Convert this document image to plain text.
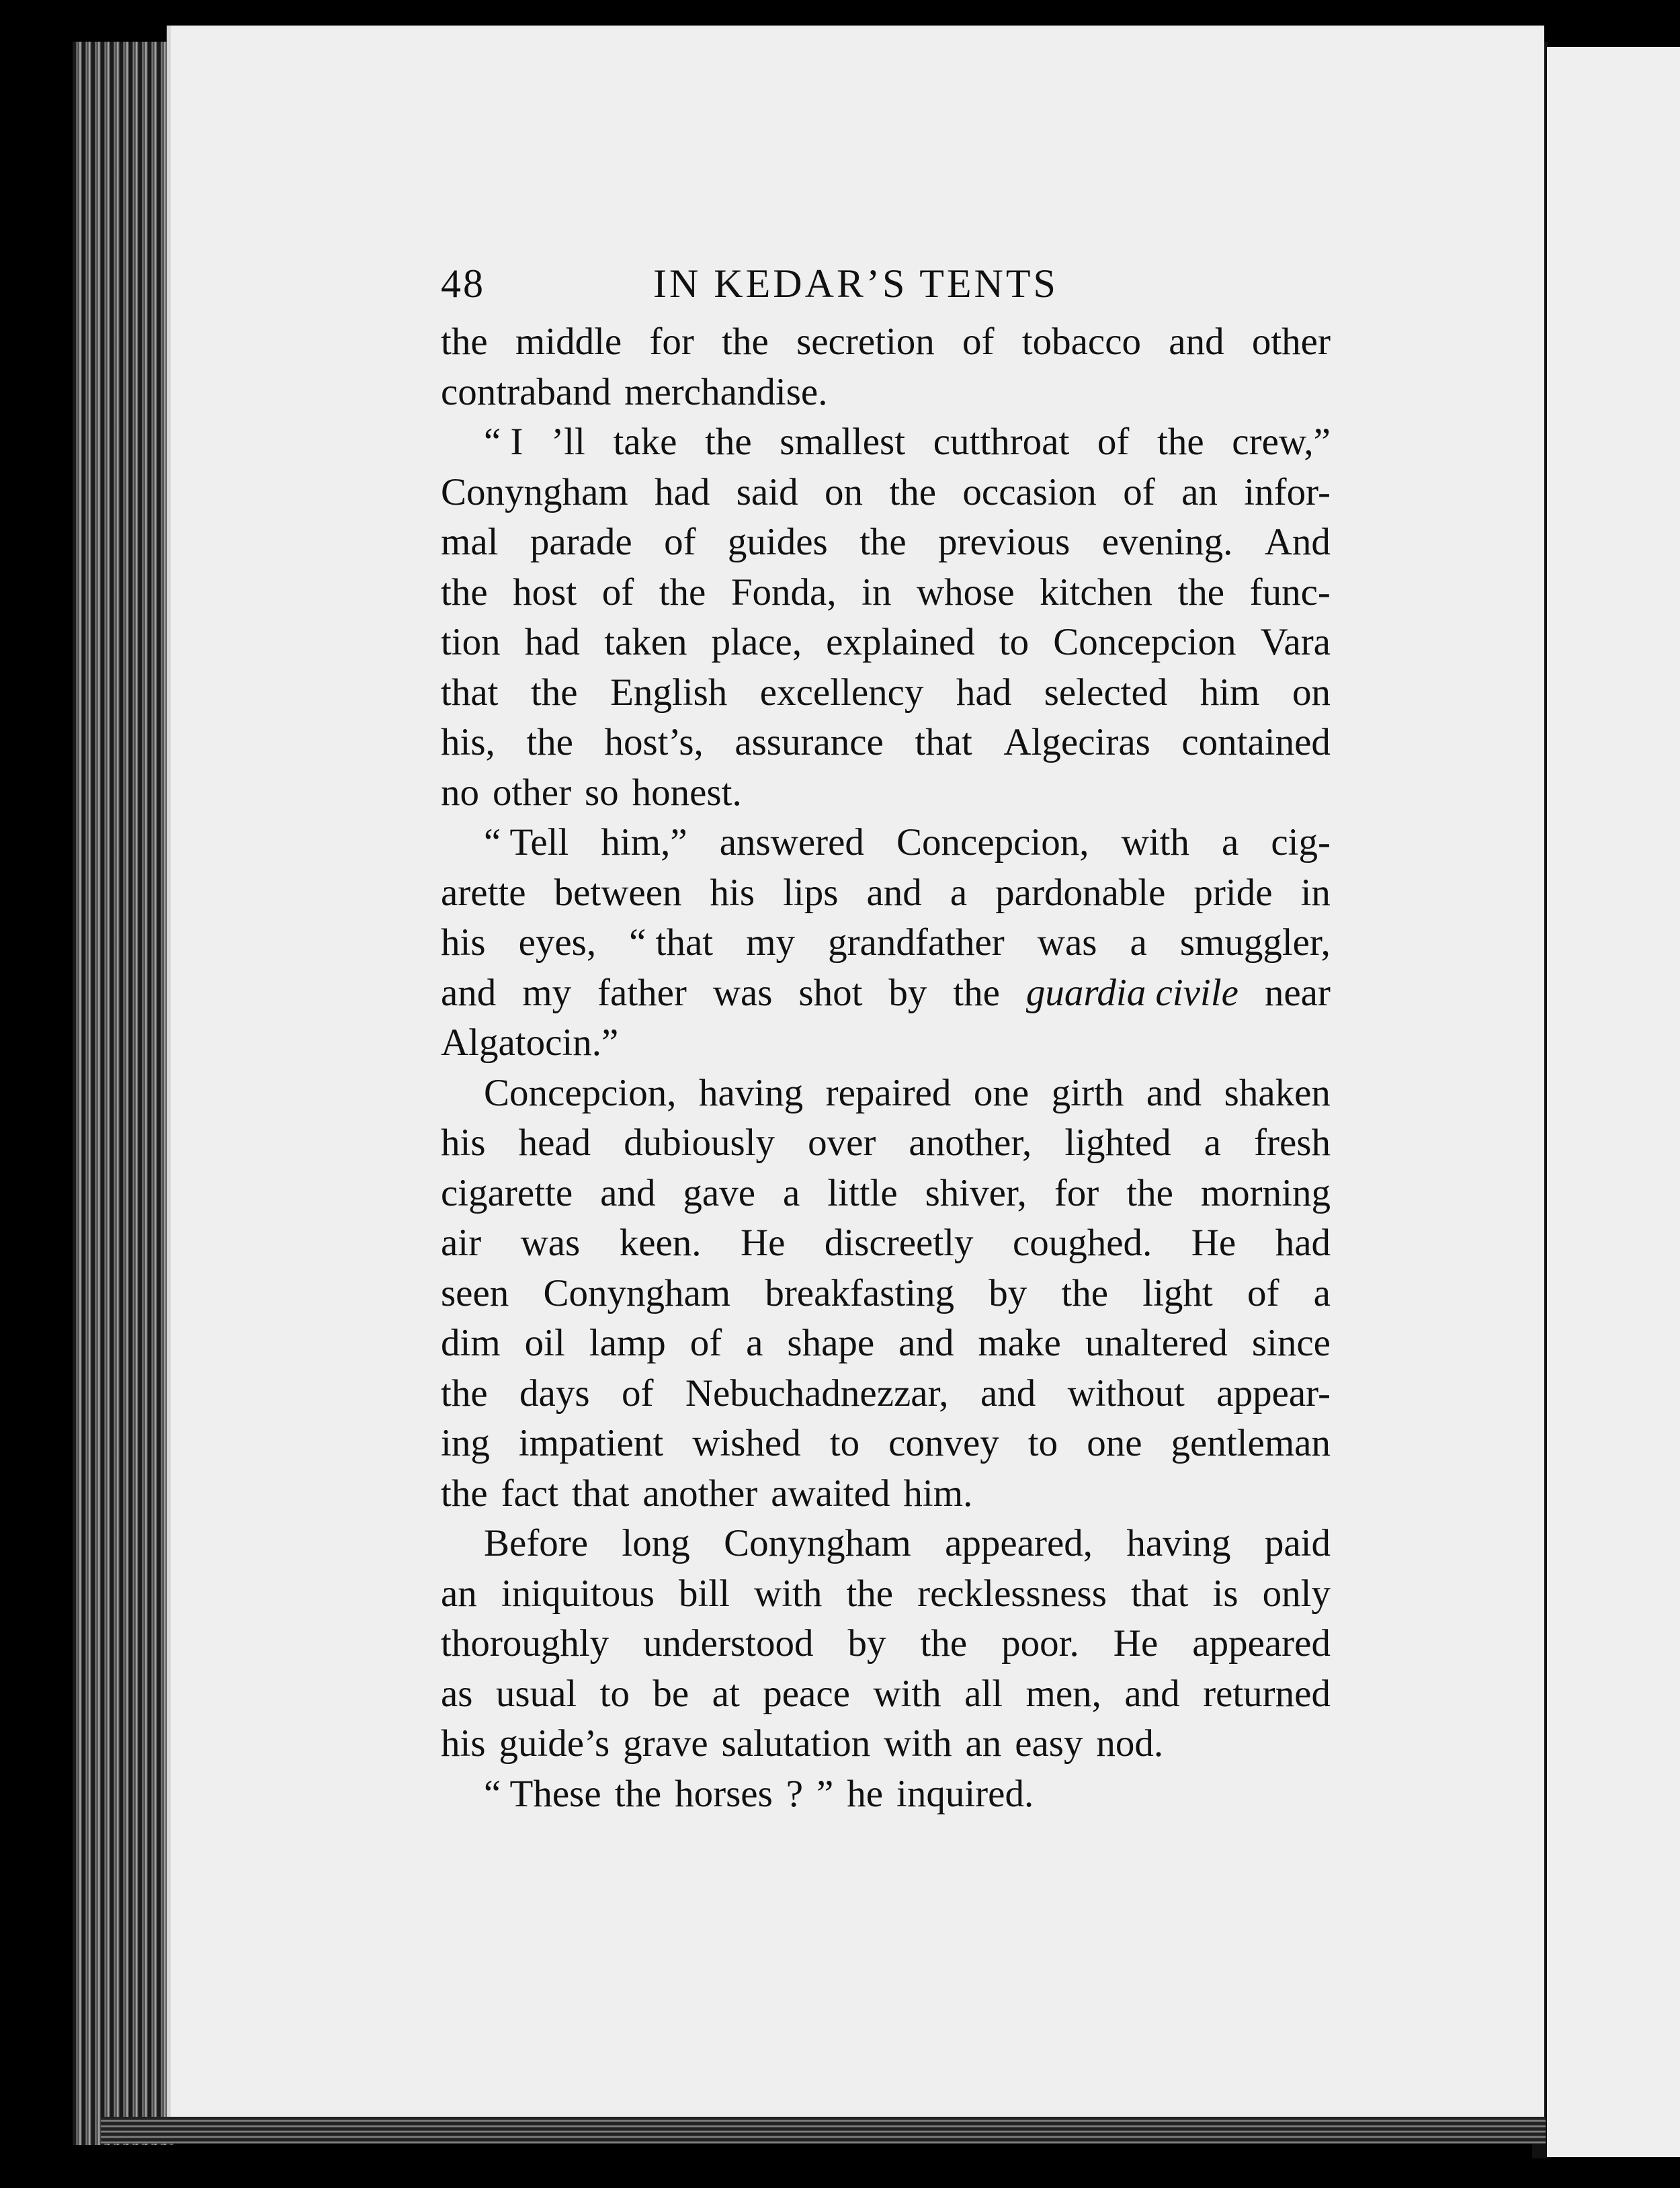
48	IN KEDAR’S TENTS
the middle for the secretion of tobacco and other
contraband merchandise.
“ I ’ll take the smallest cutthroat of the crew,”
Conyngham had said on the occasion of an infor-
mal parade of guides the previous evening. And
the host of the Fonda, in whose kitchen the func-
tion had taken place, explained to Concepcion Vara
that the English excellency had selected him on
his, the host’s, assurance that Algeciras contained
no other so honest.
“ Tell him,” answered Concepcion, with a cig-
arette between his lips and a pardonable pride in
his eyes, “ that my grandfather was a smuggler,
and my father was shot by the guardia civile near
Algatocin.”
Concepcion, having repaired one girth and shaken
his head dubiously over another, lighted a fresh
cigarette and gave a little shiver, for the morning
air was keen. He discreetly coughed. He had
seen Conyngham breakfasting by the light of a
dim oil lamp of a shape and make unaltered since
the days of Nebuchadnezzar, and without appear-
ing impatient wished to convey to one gentleman
the fact that another awaited him.
Before long Conyngham appeared, having paid
an iniquitous bill with the recklessness that is only
thoroughly understood by the poor. He appeared
as usual to be at peace with all men, and returned
his guide’s grave salutation with an easy nod.
“ These the horses ? ” he inquired.
